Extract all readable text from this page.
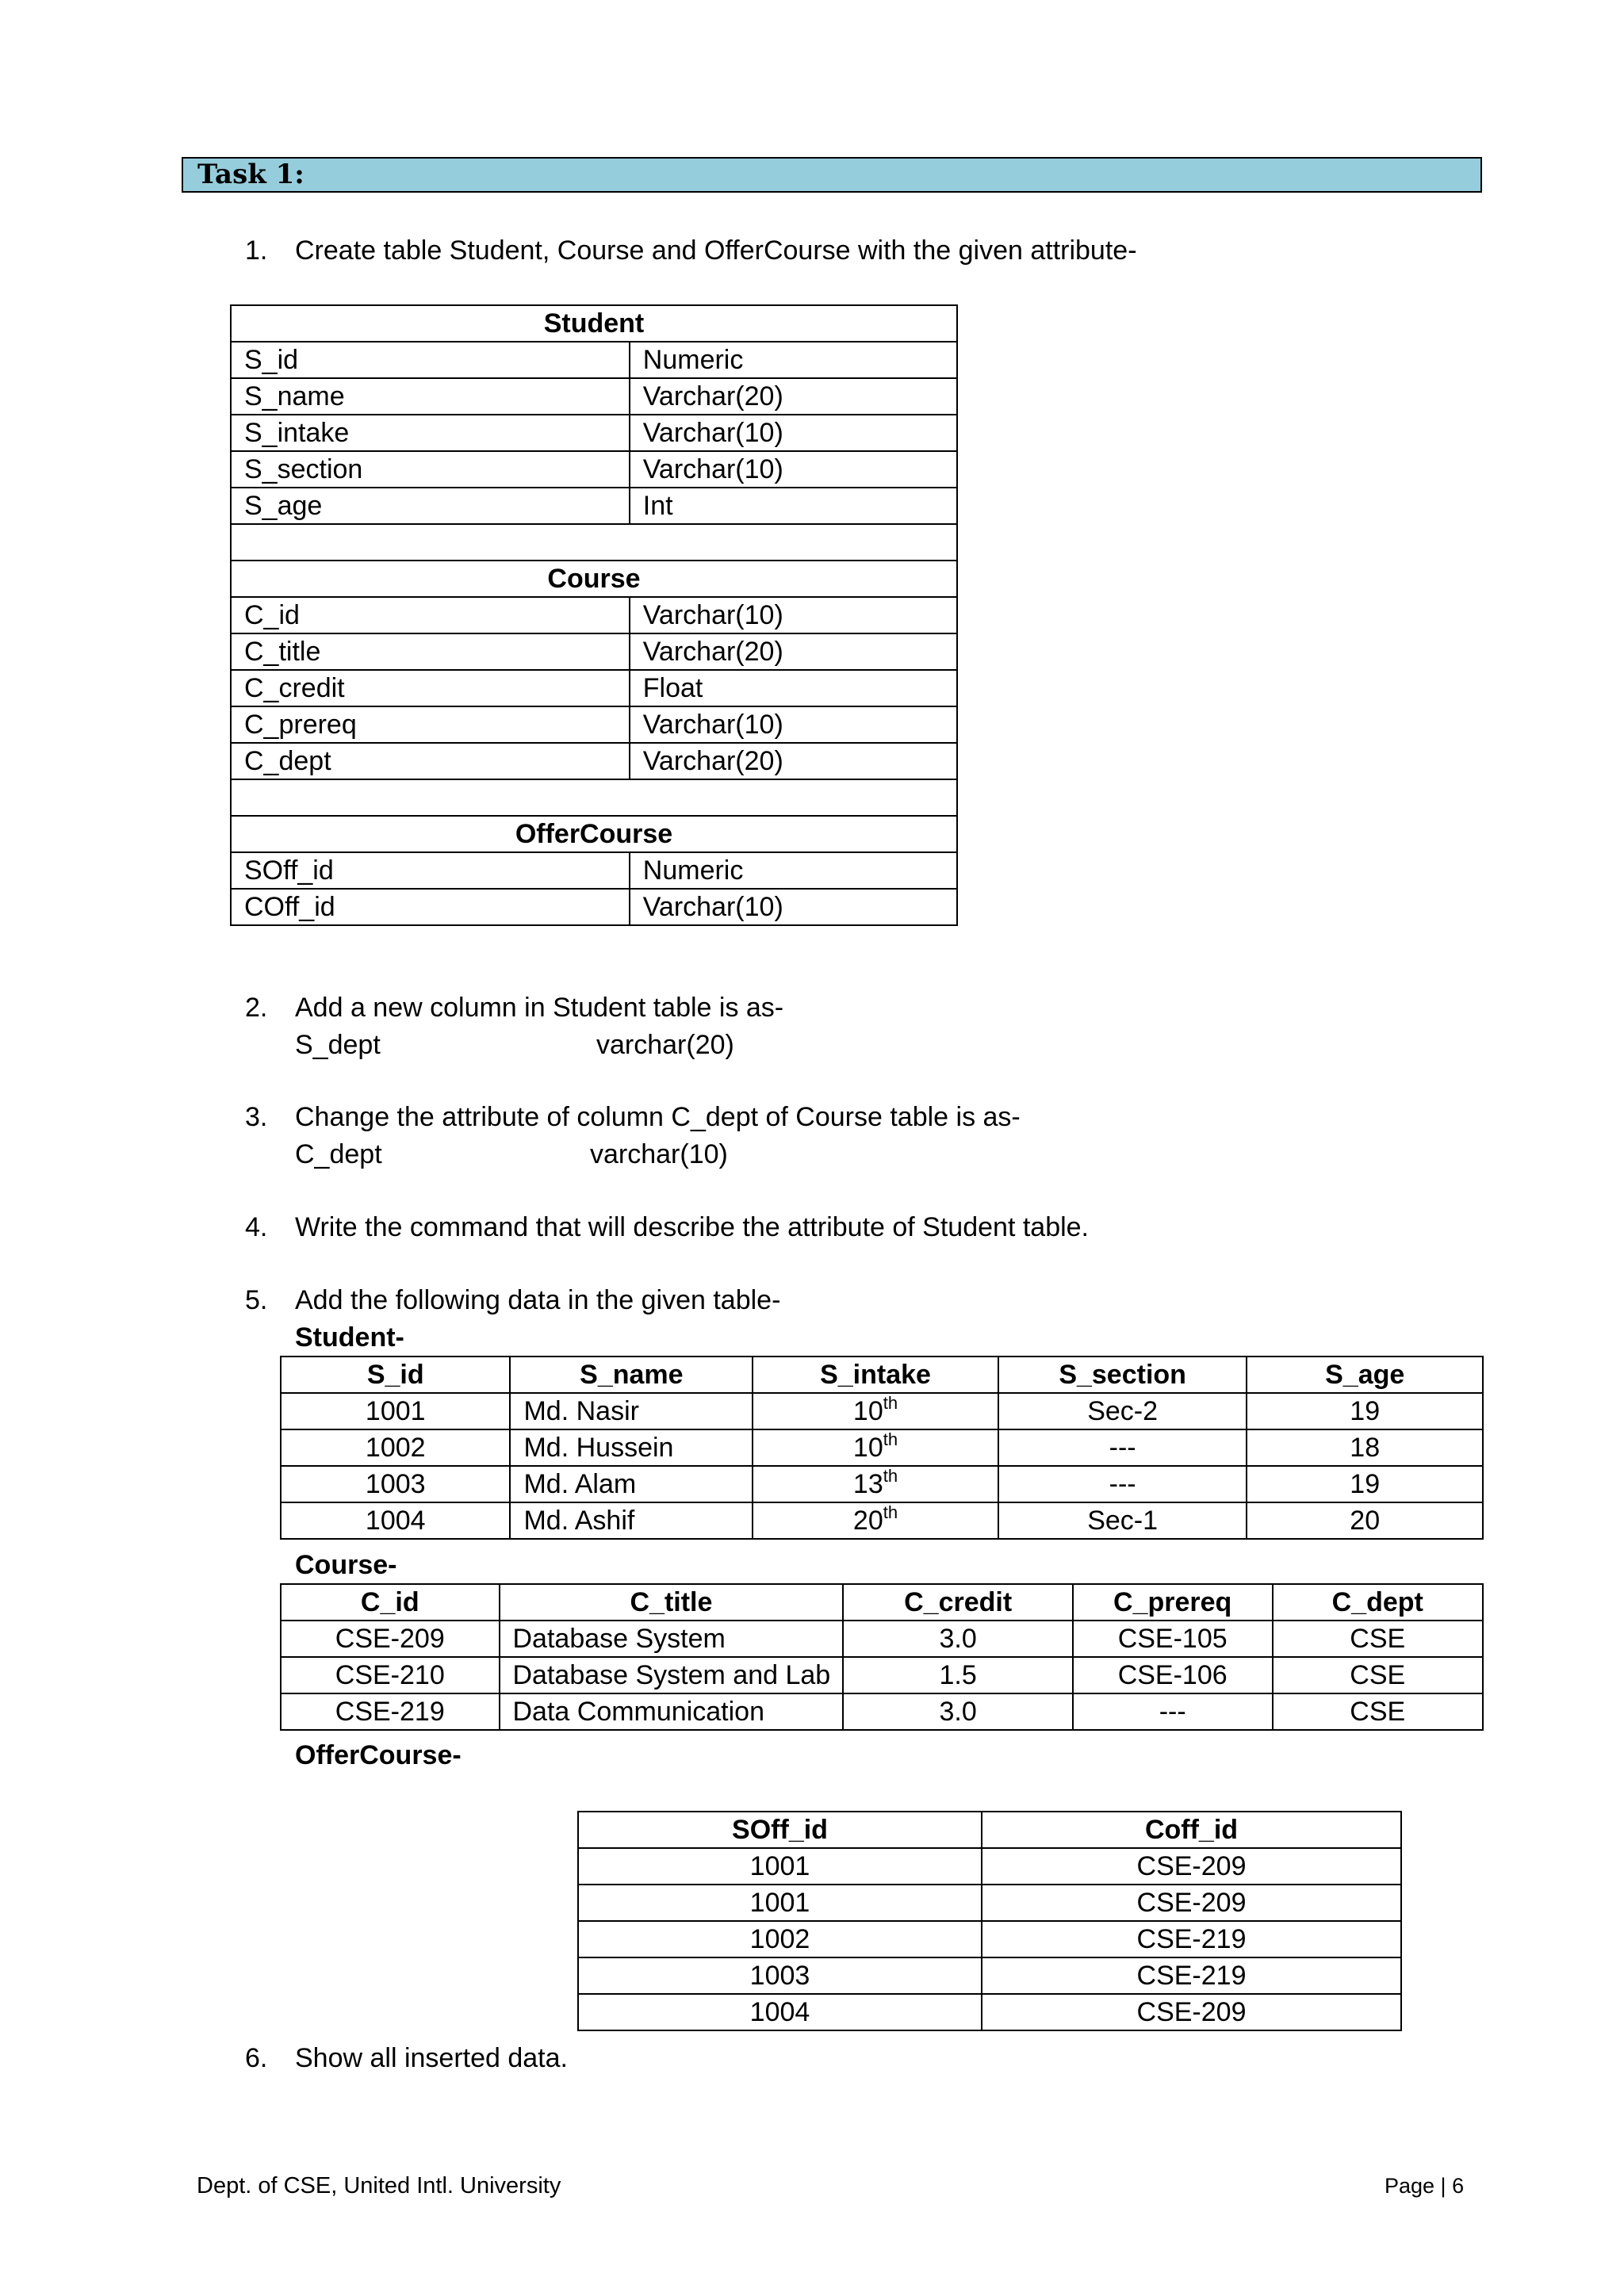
Task 1:
1. Create table Student, Course and OfferCourse with the given attribute-
Student	
S_id	Numeric
S_name	Varchar(20)
S_intake	Varchar(10)
S_section	Varchar(10)
S_age	Int

Course	
C_id	Varchar(10)
C_title	Varchar(20)
C_credit	Float
C_prereq	Varchar(10)
C_dept	Varchar(20)

OfferCourse	
SOff_id	Numeric
COff_id	Varchar(10)
2. Add a new column in Student table is as-
S_dept	varchar(20)
3. Change the attribute of column C_dept of Course table is as-
C_dept	varchar(10)
4. Write the command that will describe the attribute of Student table.
5. Add the following data in the given table-
Student-
S_id	S_name	S_intake	S_section	S_age
1001	Md. Nasir	10th	Sec-2	19
1002	Md. Hussein	10th	---	18
1003	Md. Alam	13th	---	19
1004	Md. Ashif	20th	Sec-1	20
Course-
C_id	C_title	C_credit	C_prereq	C_dept
CSE-209	Database System	3.0	CSE-105	CSE
CSE-210	Database System and Lab	1.5	CSE-106	CSE
CSE-219	Data Communication	3.0	---	CSE
OfferCourse-
SOff_id	Coff_id
1001	CSE-209
1001	CSE-209
1002	CSE-219
1003	CSE-219
1004	CSE-209
6. Show all inserted data.
Dept. of CSE, United Intl. University	Page | 6
